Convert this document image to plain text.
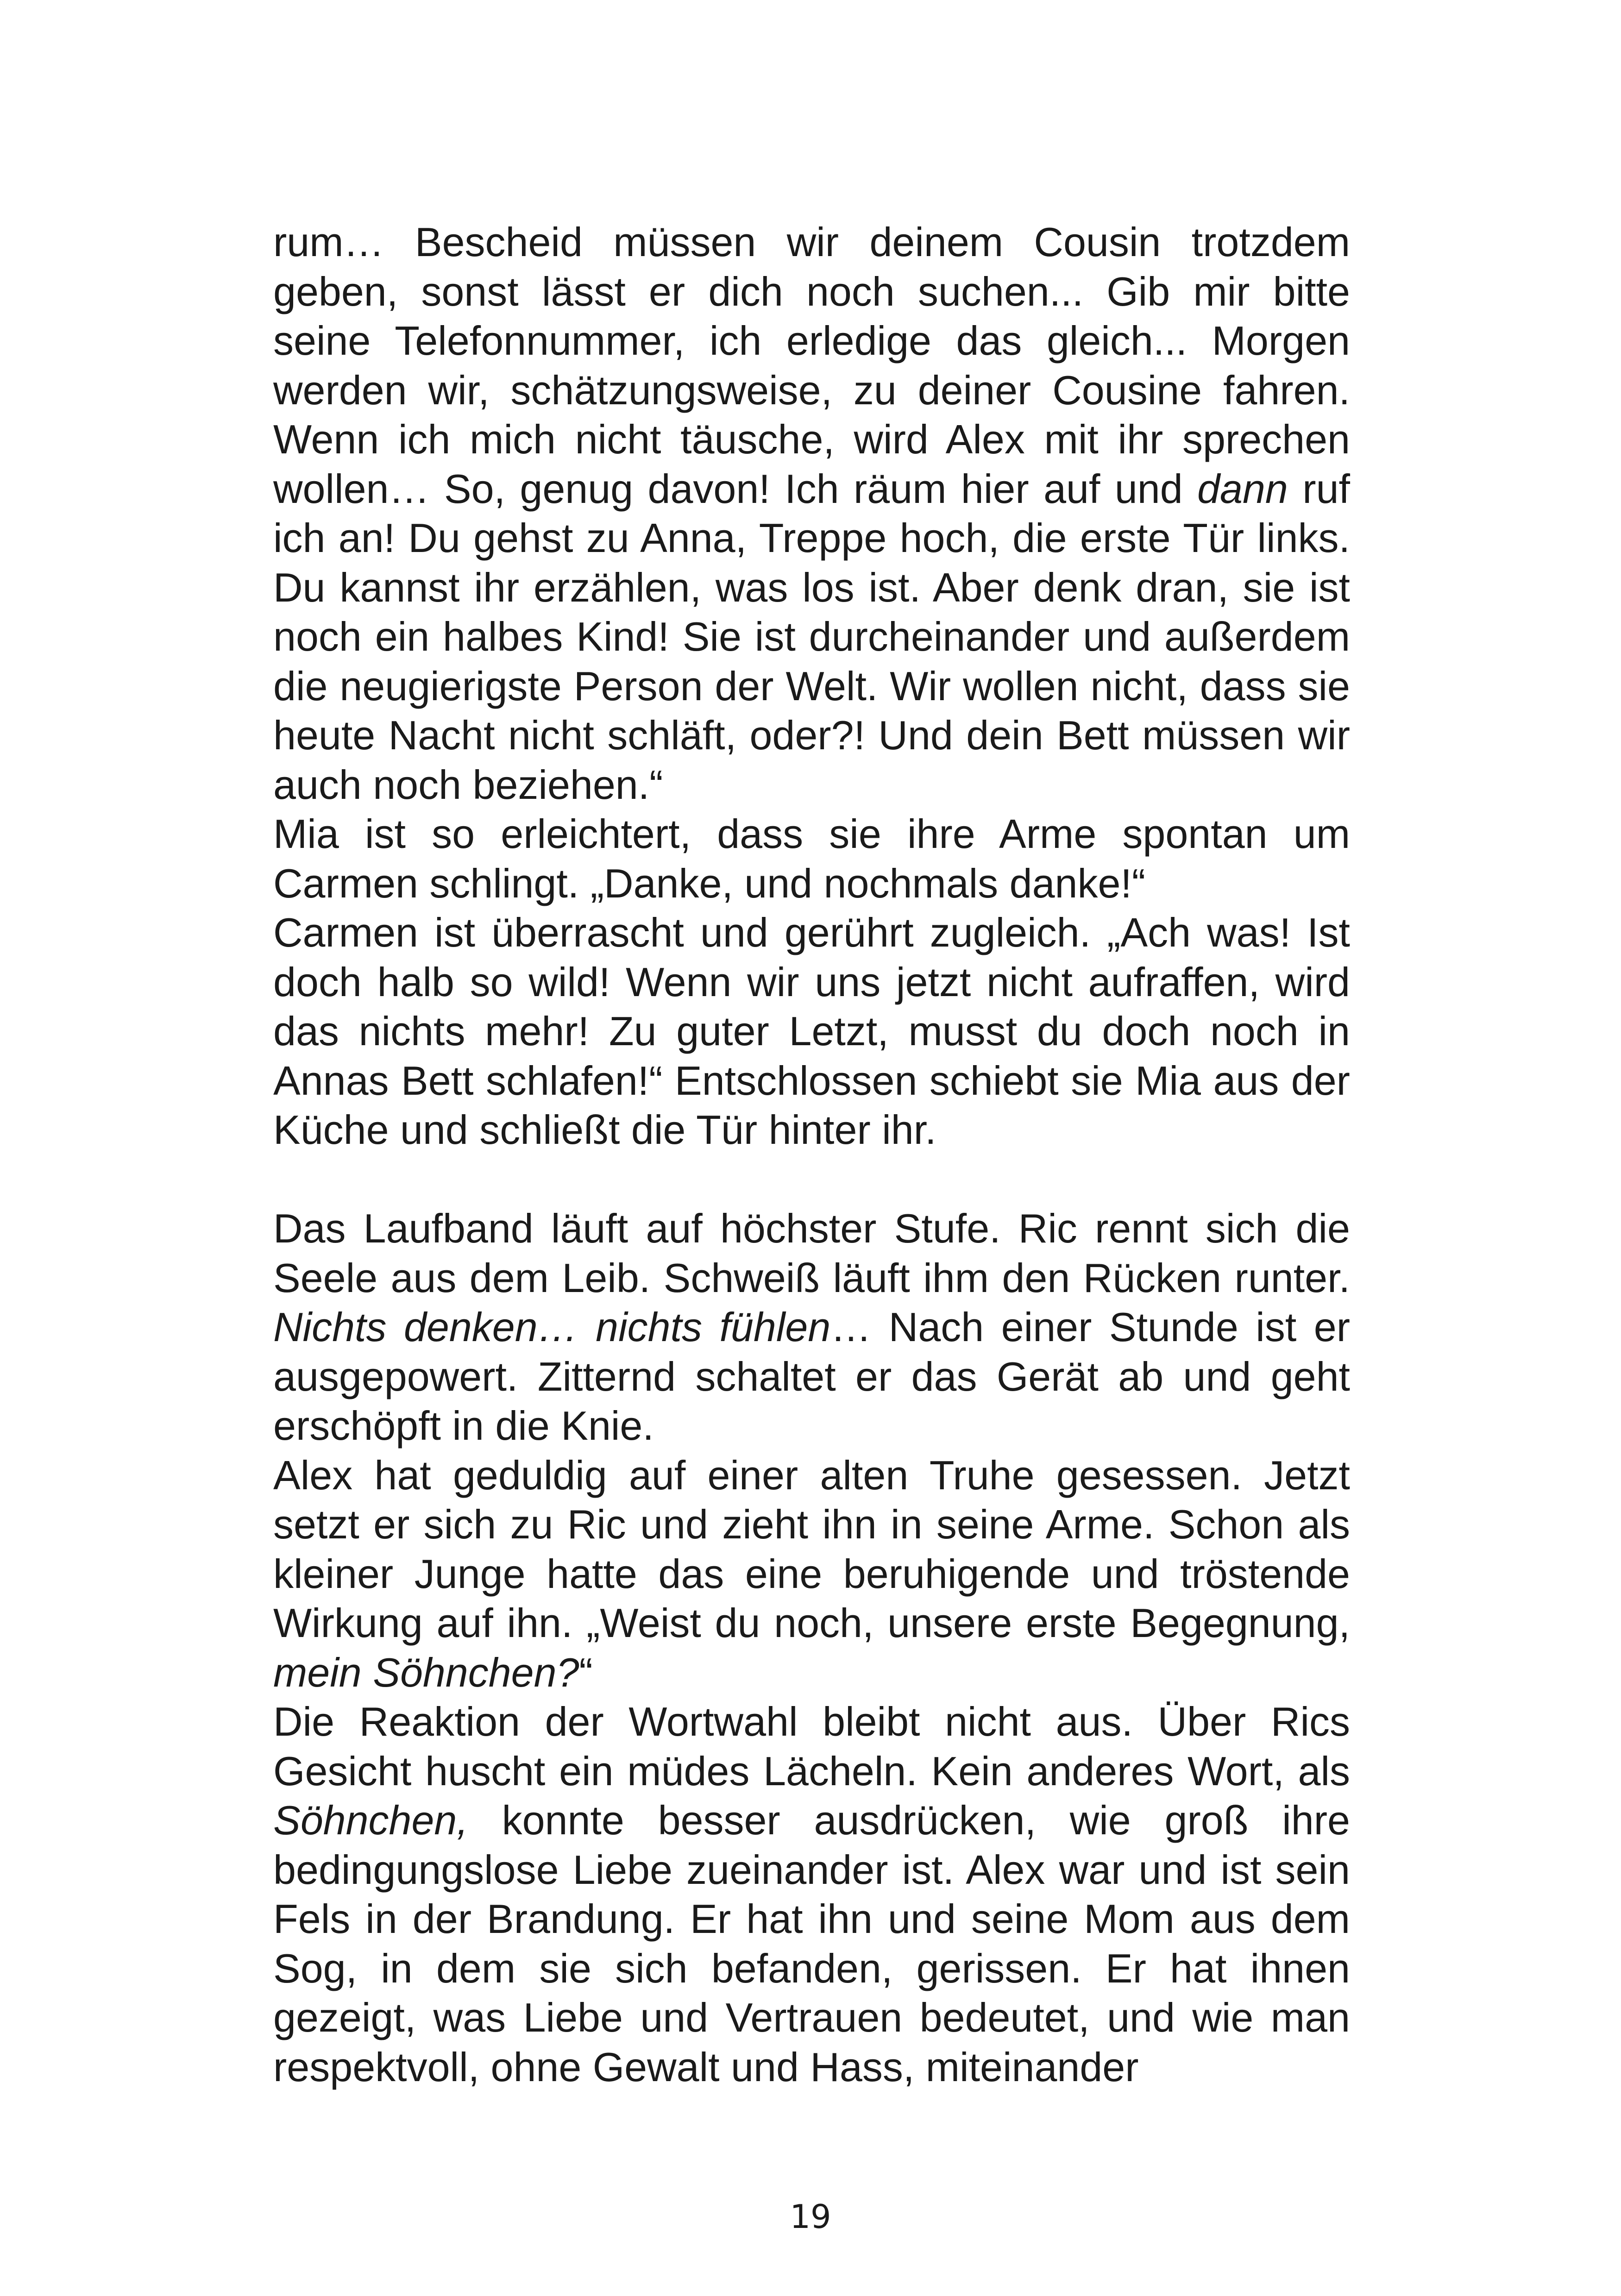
rum… Bescheid müssen wir deinem Cousin trotzdem geben, sonst lässt er dich noch suchen... Gib mir bitte seine Telefonnummer, ich erledige das gleich... Morgen werden wir, schätzungsweise, zu deiner Cousine fahren. Wenn ich mich nicht täusche, wird Alex mit ihr sprechen wollen… So, genug davon! Ich räum hier auf und dann ruf ich an! Du gehst zu Anna, Treppe hoch, die erste Tür links. Du kannst ihr erzählen, was los ist. Aber denk dran, sie ist noch ein halbes Kind! Sie ist durcheinander und außerdem die neugierigste Person der Welt. Wir wollen nicht, dass sie heute Nacht nicht schläft, oder?! Und dein Bett müssen wir auch noch beziehen.“

Mia ist so erleichtert, dass sie ihre Arme spontan um Carmen schlingt. „Danke, und nochmals danke!“

Carmen ist überrascht und gerührt zugleich. „Ach was! Ist doch halb so wild! Wenn wir uns jetzt nicht aufraffen, wird das nichts mehr! Zu guter Letzt, musst du doch noch in Annas Bett schlafen!“ Entschlossen schiebt sie Mia aus der Küche und schließt die Tür hinter ihr.

Das Laufband läuft auf höchster Stufe. Ric rennt sich die Seele aus dem Leib. Schweiß läuft ihm den Rücken runter. Nichts denken… nichts fühlen… Nach einer Stunde ist er ausgepowert. Zitternd schaltet er das Gerät ab und geht erschöpft in die Knie.

Alex hat geduldig auf einer alten Truhe gesessen. Jetzt setzt er sich zu Ric und zieht ihn in seine Arme. Schon als kleiner Junge hatte das eine beruhigende und tröstende Wirkung auf ihn. „Weist du noch, unsere erste Begegnung, mein Söhnchen?“

Die Reaktion der Wortwahl bleibt nicht aus. Über Rics Gesicht huscht ein müdes Lächeln. Kein anderes Wort, als Söhnchen, konnte besser ausdrücken, wie groß ihre bedingungslose Liebe zueinander ist. Alex war und ist sein Fels in der Brandung. Er hat ihn und seine Mom aus dem Sog, in dem sie sich befanden, gerissen. Er hat ihnen gezeigt, was Liebe und Vertrauen bedeutet, und wie man respektvoll, ohne Gewalt und Hass, miteinander

19
